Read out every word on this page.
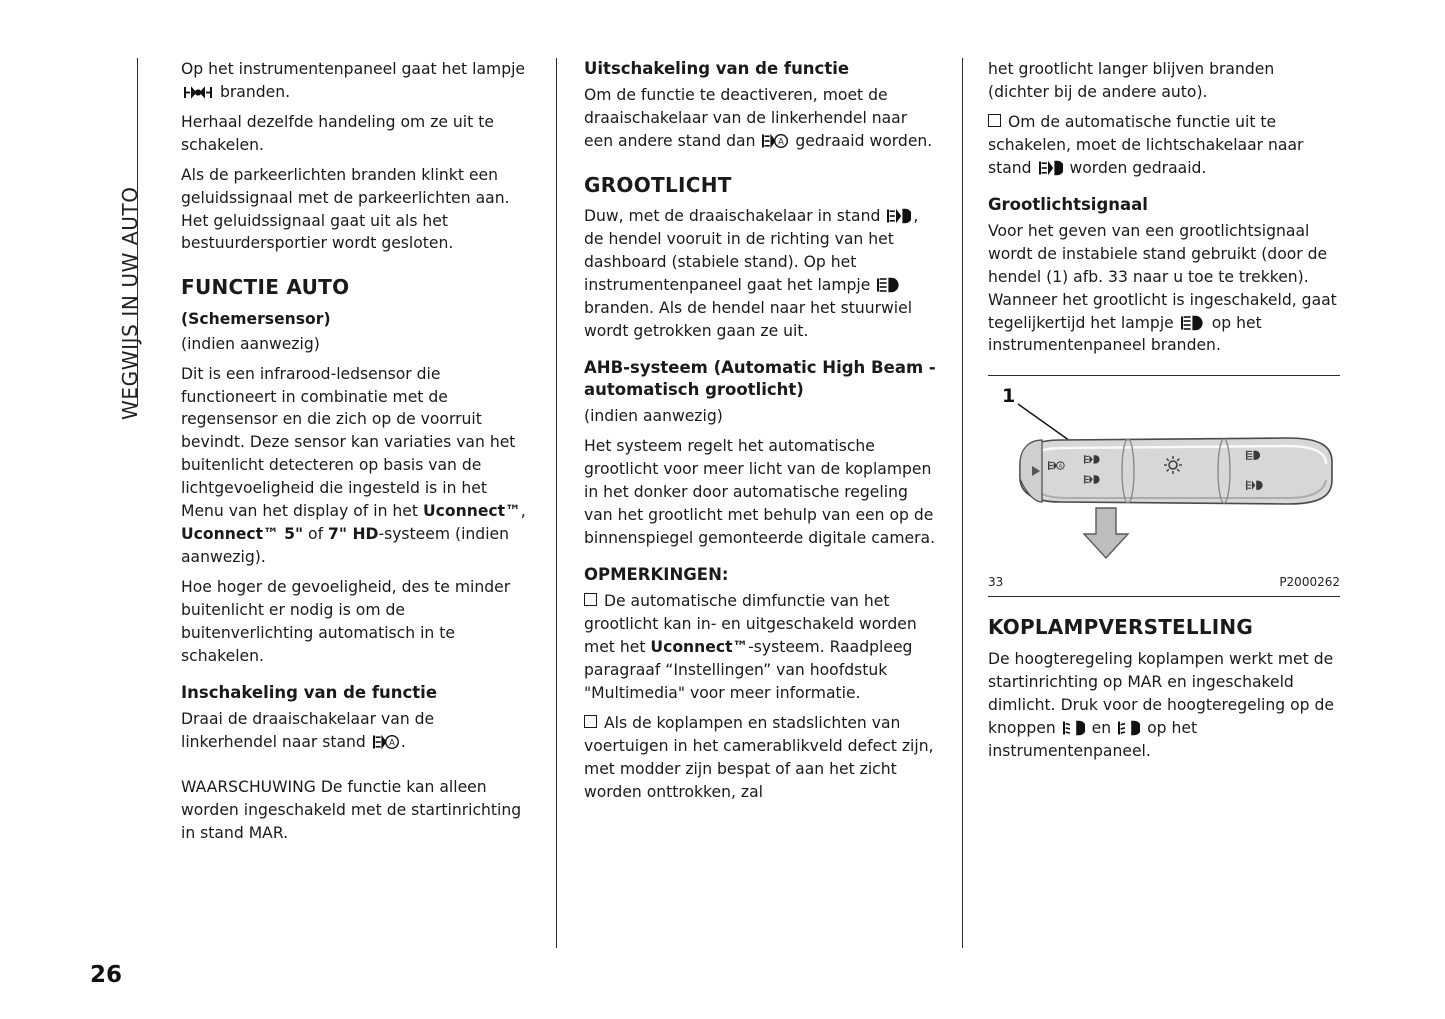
WEGWIJS IN UW AUTO

Op het instrumentenpaneel gaat het lampje
branden.

Herhaal dezelfde handeling om ze uit te schakelen.

Als de parkeerlichten branden klinkt een geluidssignaal met de parkeerlichten aan. Het geluidssignaal gaat uit als het bestuurdersportier wordt gesloten.

FUNCTIE AUTO

(Schemersensor)

(indien aanwezig)

Dit is een infrarood-ledsensor die functioneert in combinatie met de regensensor en die zich op de voorruit bevindt. Deze sensor kan variaties van het buitenlicht detecteren op basis van de lichtgevoeligheid die ingesteld is in het Menu van het display of in het Uconnect™, Uconnect™ 5" of 7" HD-systeem (indien aanwezig).

Hoe hoger de gevoeligheid, des te minder buitenlicht er nodig is om de buitenverlichting automatisch in te schakelen.

Inschakeling van de functie

Draai de draaischakelaar van de linkerhendel naar stand	A .

WAARSCHUWING De functie kan alleen worden ingeschakeld met de startinrichting in stand MAR.

Uitschakeling van de functie

Om de functie te deactiveren, moet de draaischakelaar van de linkerhendel naar een andere stand dan	A gedraaid worden.

GROOTLICHT

Duw, met de draaischakelaar in stand , de hendel vooruit in de richting van het dashboard (stabiele stand). Op het instrumentenpaneel gaat het lampje
branden. Als de hendel naar het stuurwiel wordt getrokken gaan ze uit.

AHB-systeem (Automatic High Beam - automatisch grootlicht)

(indien aanwezig)

Het systeem regelt het automatische grootlicht voor meer licht van de koplampen in het donker door automatische regeling van het grootlicht met behulp van een op de binnenspiegel gemonteerde digitale camera.

OPMERKINGEN:

De automatische dimfunctie van het grootlicht kan in- en uitgeschakeld worden met het Uconnect™-systeem. Raadpleeg paragraaf “Instellingen” van hoofdstuk "Multimedia" voor meer informatie.

Als de koplampen en stadslichten van voertuigen in het camerablikveld defect zijn, met modder zijn bespat of aan het zicht worden onttrokken, zal

het grootlicht langer blijven branden (dichter bij de andere auto).

Om de automatische functie uit te schakelen, moet de lichtschakelaar naar stand worden gedraaid.

Grootlichtsignaal

Voor het geven van een grootlichtsignaal wordt de instabiele stand gebruikt (door de hendel (1) afb. 33 naar u toe te trekken). Wanneer het grootlicht is ingeschakeld, gaat tegelijkertijd het lampje op het instrumentenpaneel branden.

1
A
33	P2000262
KOPLAMPVERSTELLING

De hoogteregeling koplampen werkt met de startinrichting op MAR en ingeschakeld dimlicht. Druk voor de hoogteregeling op de knoppen en op het instrumentenpaneel.

26
